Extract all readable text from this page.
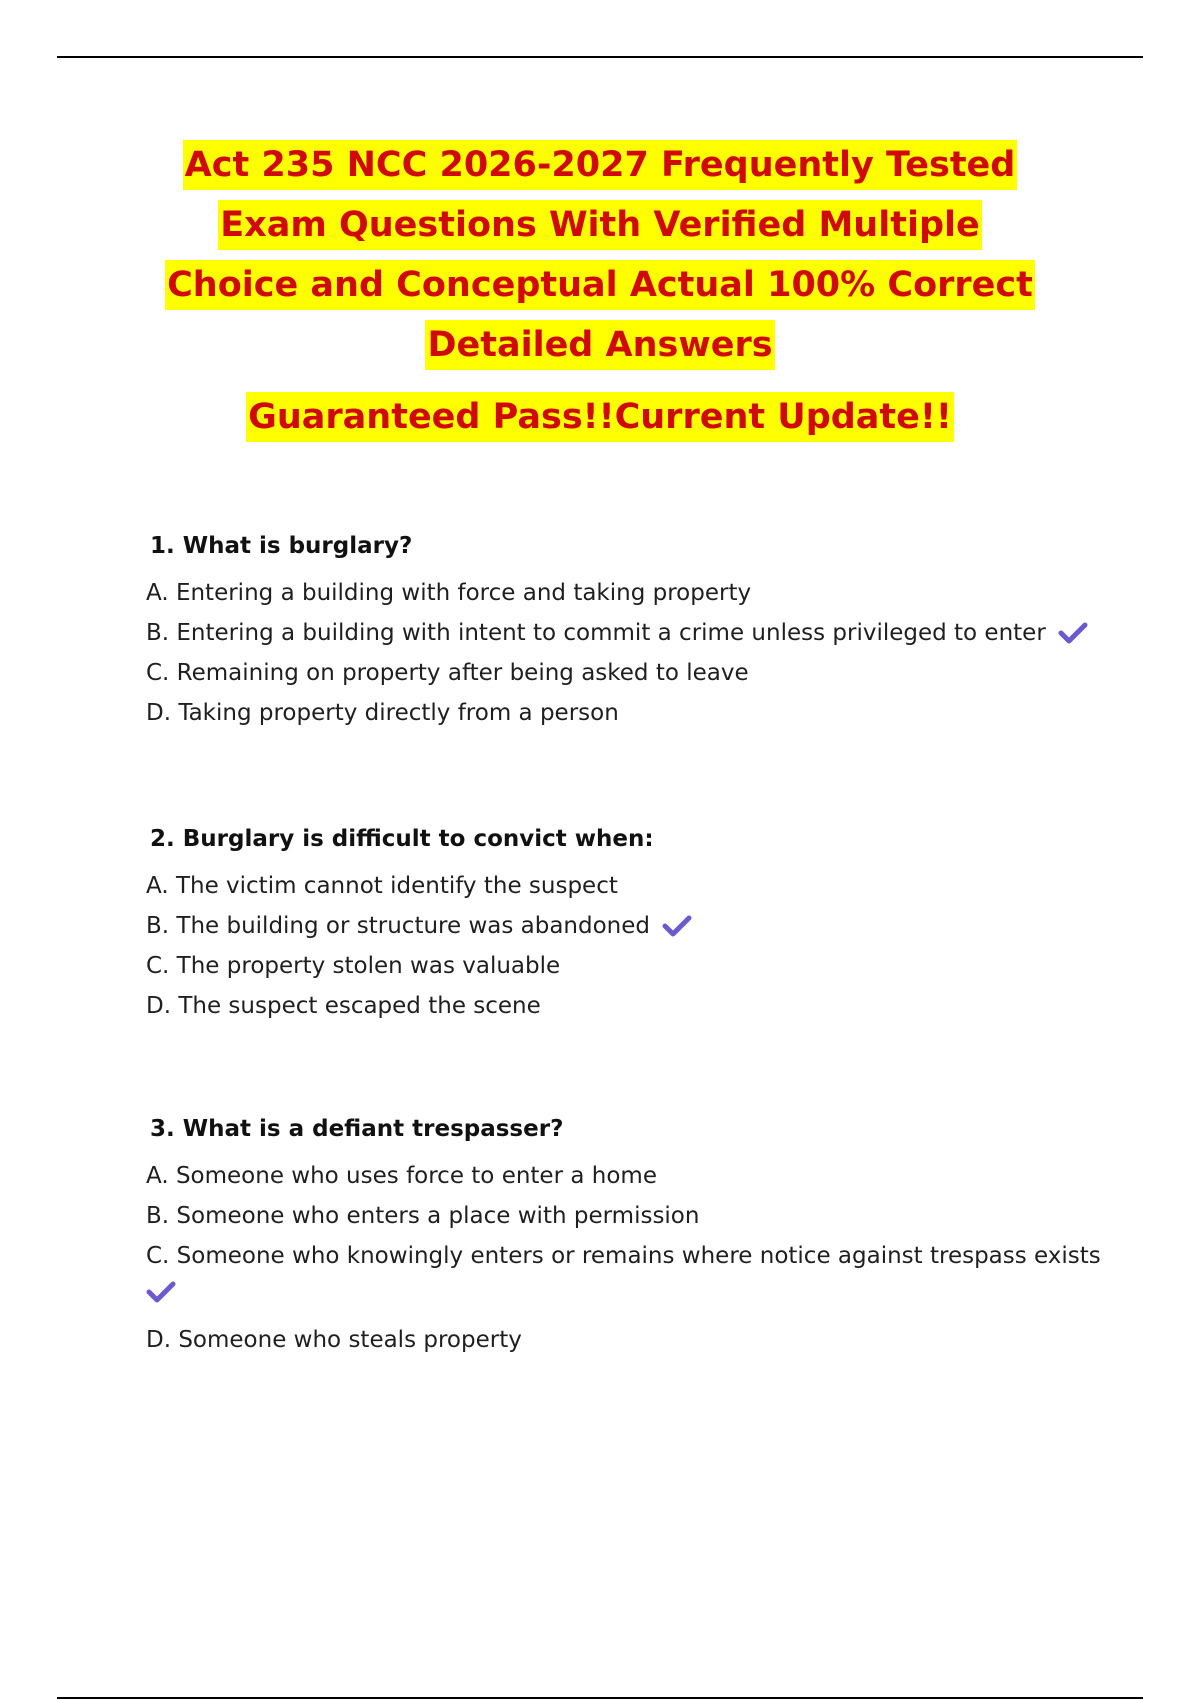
Act 235 NCC 2026-2027 Frequently Tested
Exam Questions With Verified Multiple
Choice and Conceptual Actual 100% Correct
Detailed Answers
Guaranteed Pass!!Current Update!!
1. What is burglary?
A. Entering a building with force and taking property
B. Entering a building with intent to commit a crime unless privileged to enter
C. Remaining on property after being asked to leave
D. Taking property directly from a person
2. Burglary is difficult to convict when:
A. The victim cannot identify the suspect
B. The building or structure was abandoned
C. The property stolen was valuable
D. The suspect escaped the scene
3. What is a defiant trespasser?
A. Someone who uses force to enter a home
B. Someone who enters a place with permission
C. Someone who knowingly enters or remains where notice against trespass exists
D. Someone who steals property
